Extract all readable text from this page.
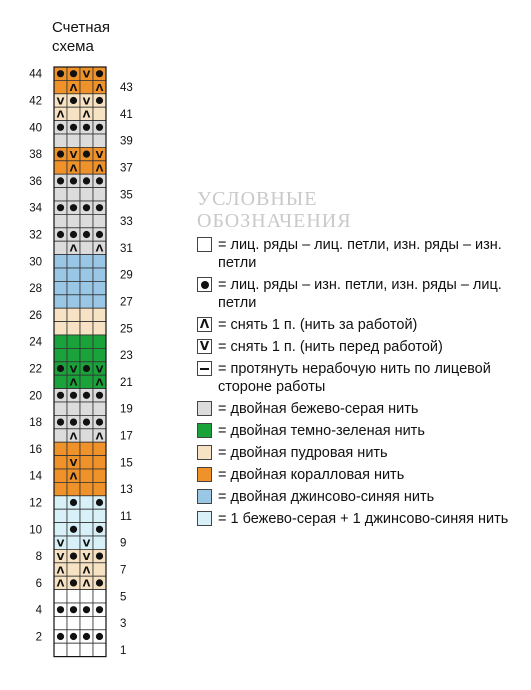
Счетная
схема
V
Λ Λ
V V
Λ Λ
V V
Λ Λ
Λ Λ
V V
Λ Λ
Λ Λ
V
Λ
V V
V V
Λ Λ
Λ Λ
44
42
40
38
36
34
32
30
28
26
24
22
20
18
16
14
12
10
8
6
4
2
43
41
39
37
35
33
31
29
27
25
23
21
19
17
15
13
11
9
7
5
3
1
УСЛОВНЫЕ
ОБОЗНАЧЕНИЯ
= лиц. ряды – лиц. петли, изн. ряды – изн. петли
= лиц. ряды – изн. петли, изн. ряды – лиц. петли
Λ = снять 1 п. (нить за работой)
V = снять 1 п. (нить перед работой)
= протянуть нерабочую нить по лицевой стороне работы
= двойная бежево-серая нить
= двойная темно-зеленая нить
= двойная пудровая нить
= двойная коралловая нить
= двойная джинсово-синяя нить
= 1 бежево-серая + 1 джинсово-синяя нить
